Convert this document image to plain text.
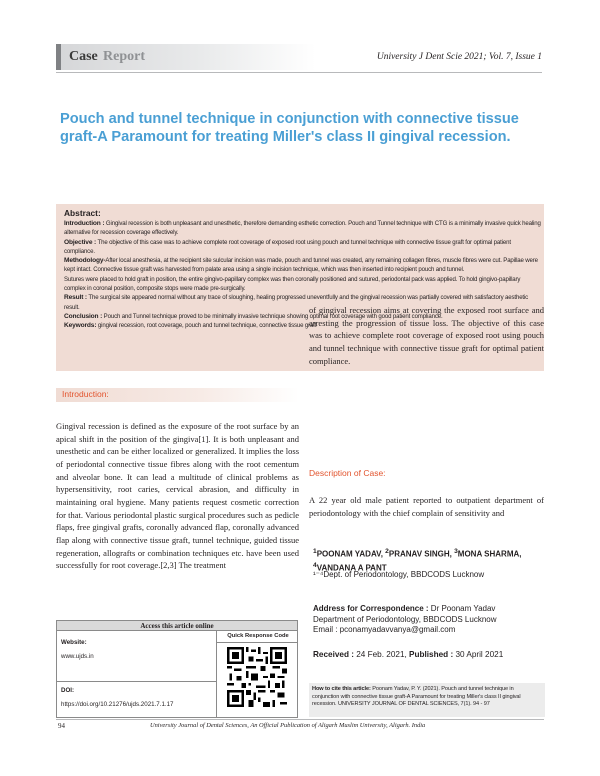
Case Report	University J Dent Scie 2021; Vol. 7, Issue 1
Pouch and tunnel technique in conjunction with connective tissue graft-A Paramount for treating Miller's class II gingival recession.
Abstract:

Introduction : Gingival recession is both unpleasant and unesthetic, therefore demanding esthetic correction. Pouch and Tunnel technique with CTG is a minimally invasive quick healing alternative for recession coverage effectively.

Objective : The objective of this case was to achieve complete root coverage of exposed root using pouch and tunnel technique with connective tissue graft for optimal patient compliance.

Methodology-After local anesthesia, at the recipient site sulcular incision was made, pouch and tunnel was created, any remaining collagen fibres, muscle fibres were cut. Papillae were kept intact. Connective tissue graft was harvested from palate area using a single incision technique, which was then inserted into recipient pouch and tunnel.

Sutures were placed to hold graft in position, the entire gingivo-papillary complex was then coronally positioned and sutured, periodontal pack was applied. To hold gingivo-papillary complex in coronal position, composite stops were made pre-surgically.

Result : The surgical site appeared normal without any trace of sloughing, healing progressed uneventfully and the gingival recession was partially covered with satisfactory aesthetic result.

Conclusion : Pouch and Tunnel technique proved to be minimally invasive technique showing optimal root coverage with good patient compliance.

Keywords: gingival recession, root coverage, pouch and tunnel technique, connective tissue graft

Introduction:
Gingival recession is defined as the exposure of the root surface by an apical shift in the position of the gingiva[1]. It is both unpleasant and unesthetic and can be either localized or generalized. It implies the loss of periodontal connective tissue fibres along with the root cementum and alveolar bone. It can lead a multitude of clinical problems as hypersensitivity, root caries, cervical abrasion, and difficulty in maintaining oral hygiene. Many patients request cosmetic correction for that. Various periodontal plastic surgical procedures such as pedicle flaps, free gingival grafts, coronally advanced flap, coronally advanced flap along with connective tissue graft, tunnel technique, guided tissue regeneration, allografts or combination techniques etc. have been used successfully for root coverage.[2,3] The treatment
of gingival recession aims at covering the exposed root surface and arresting the progression of tissue loss. The objective of this case was to achieve complete root coverage of exposed root using pouch and tunnel technique with connective tissue graft for optimal patient compliance.
Description of Case:
A 22 year old male patient reported to outpatient department of periodontology with the chief complain of sensitivity and
$^1$POONAM YADAV, $^2$PRANAV SINGH, $^3$MONA SHARMA,
$^4$VANDANA A PANT
¹⁻⁴Dept. of Periodontology, BBDCODS Lucknow
Address for Correspondence : Dr Poonam Yadav
Department of Periodontology, BBDCODS Lucknow
Email : pconamyadavvanya@gmail.com
Received : 24 Feb. 2021, Published : 30 April 2021
How to cite this article: Poonam Yadav, P. Y. (2021). Pouch and tunnel technique in conjunction with connective tissue graft-A Paramount for treating Miller's class II gingival recession. UNIVERSITY JOURNAL OF DENTAL SCIENCES, 7(1). 94 - 97
Access this article online
Website:
www.ujds.in
DOI:
https://doi.org/10.21276/ujds.2021.7.1.17
Quick Response Code
94	University Journal of Dental Sciences, An Official Publication of Aligarh Muslim University, Aligarh. India
